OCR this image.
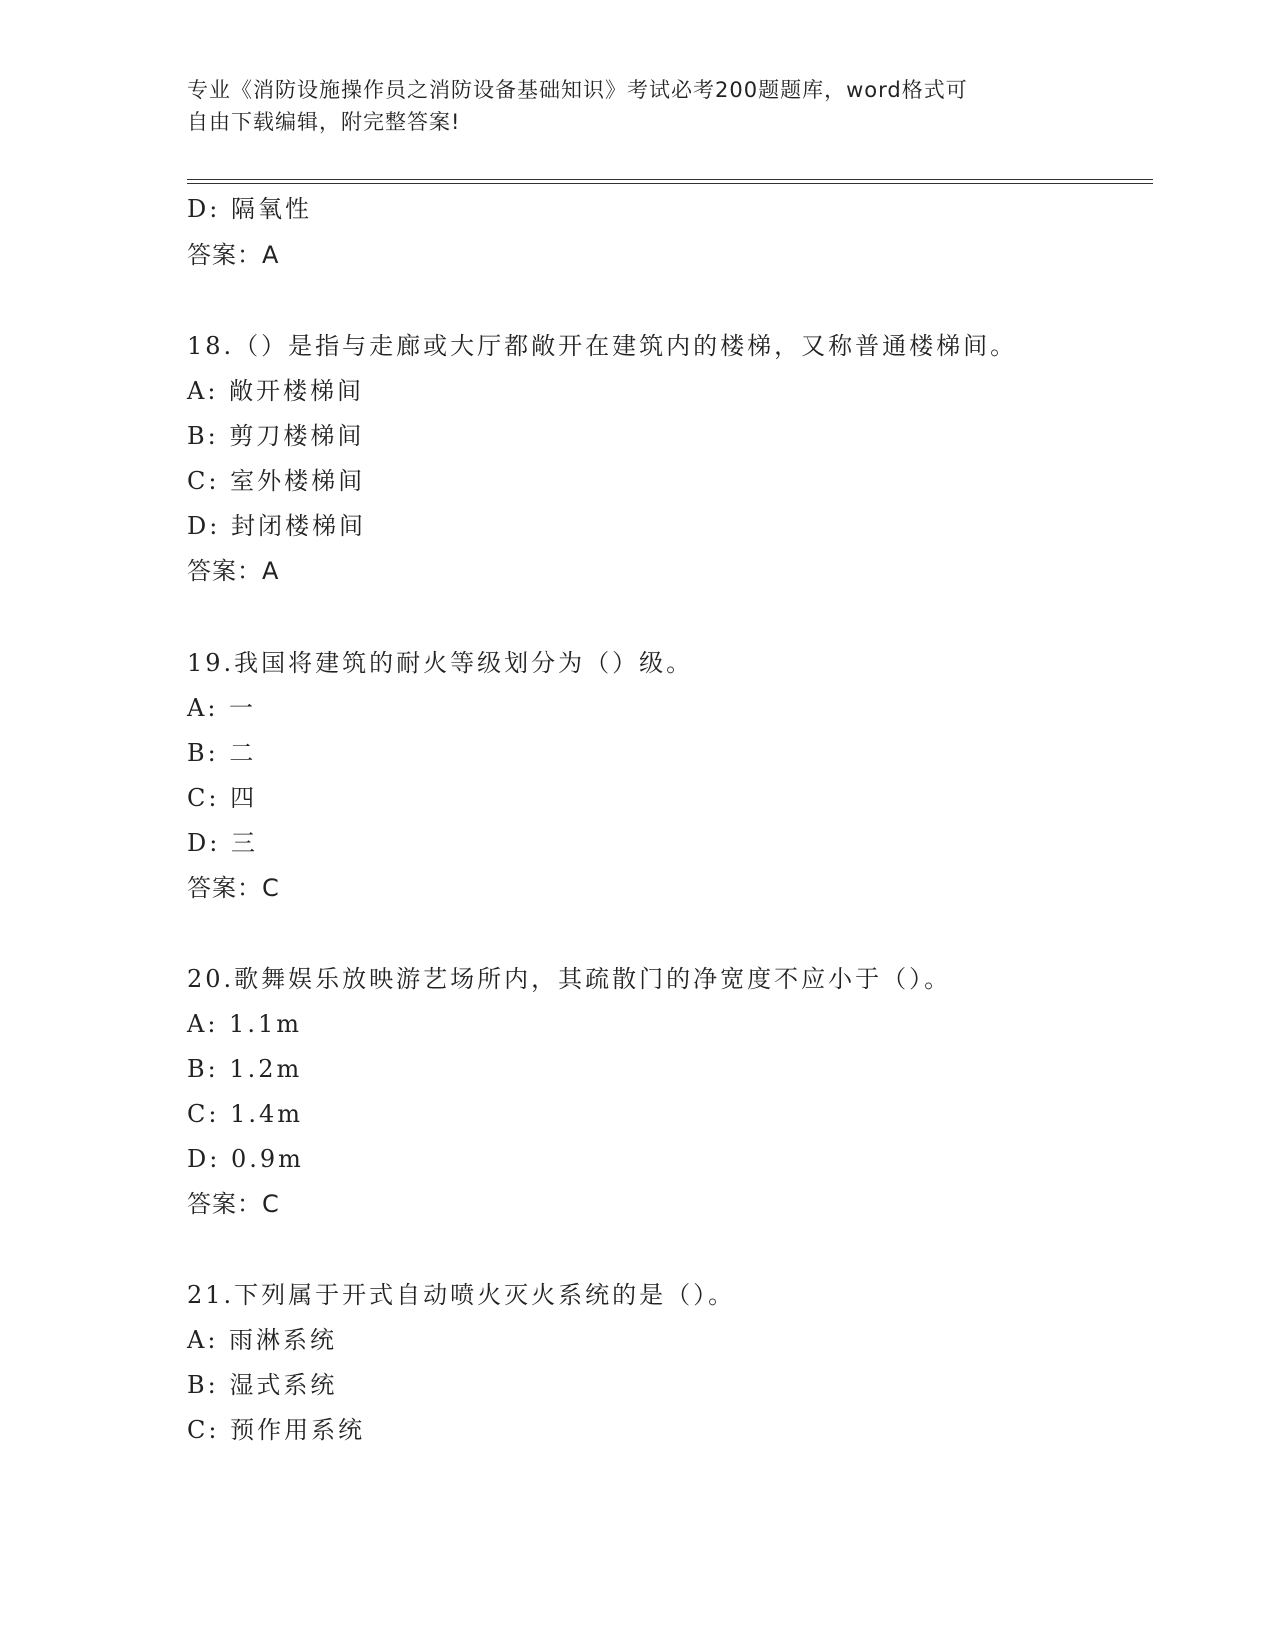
专业《消防设施操作员之消防设备基础知识》考试必考200题题库，word格式可
自由下载编辑，附完整答案!
D: 隔氧性
答案：A
18.（）是指与走廊或大厅都敞开在建筑内的楼梯，又称普通楼梯间。
A: 敞开楼梯间
B: 剪刀楼梯间
C: 室外楼梯间
D: 封闭楼梯间
答案：A
19.我国将建筑的耐火等级划分为（）级。
A: 一
B: 二
C: 四
D: 三
答案：C
20.歌舞娱乐放映游艺场所内，其疏散门的净宽度不应小于（）。
A: 1.1m
B: 1.2m
C: 1.4m
D: 0.9m
答案：C
21.下列属于开式自动喷火灭火系统的是（）。
A: 雨淋系统
B: 湿式系统
C: 预作用系统
